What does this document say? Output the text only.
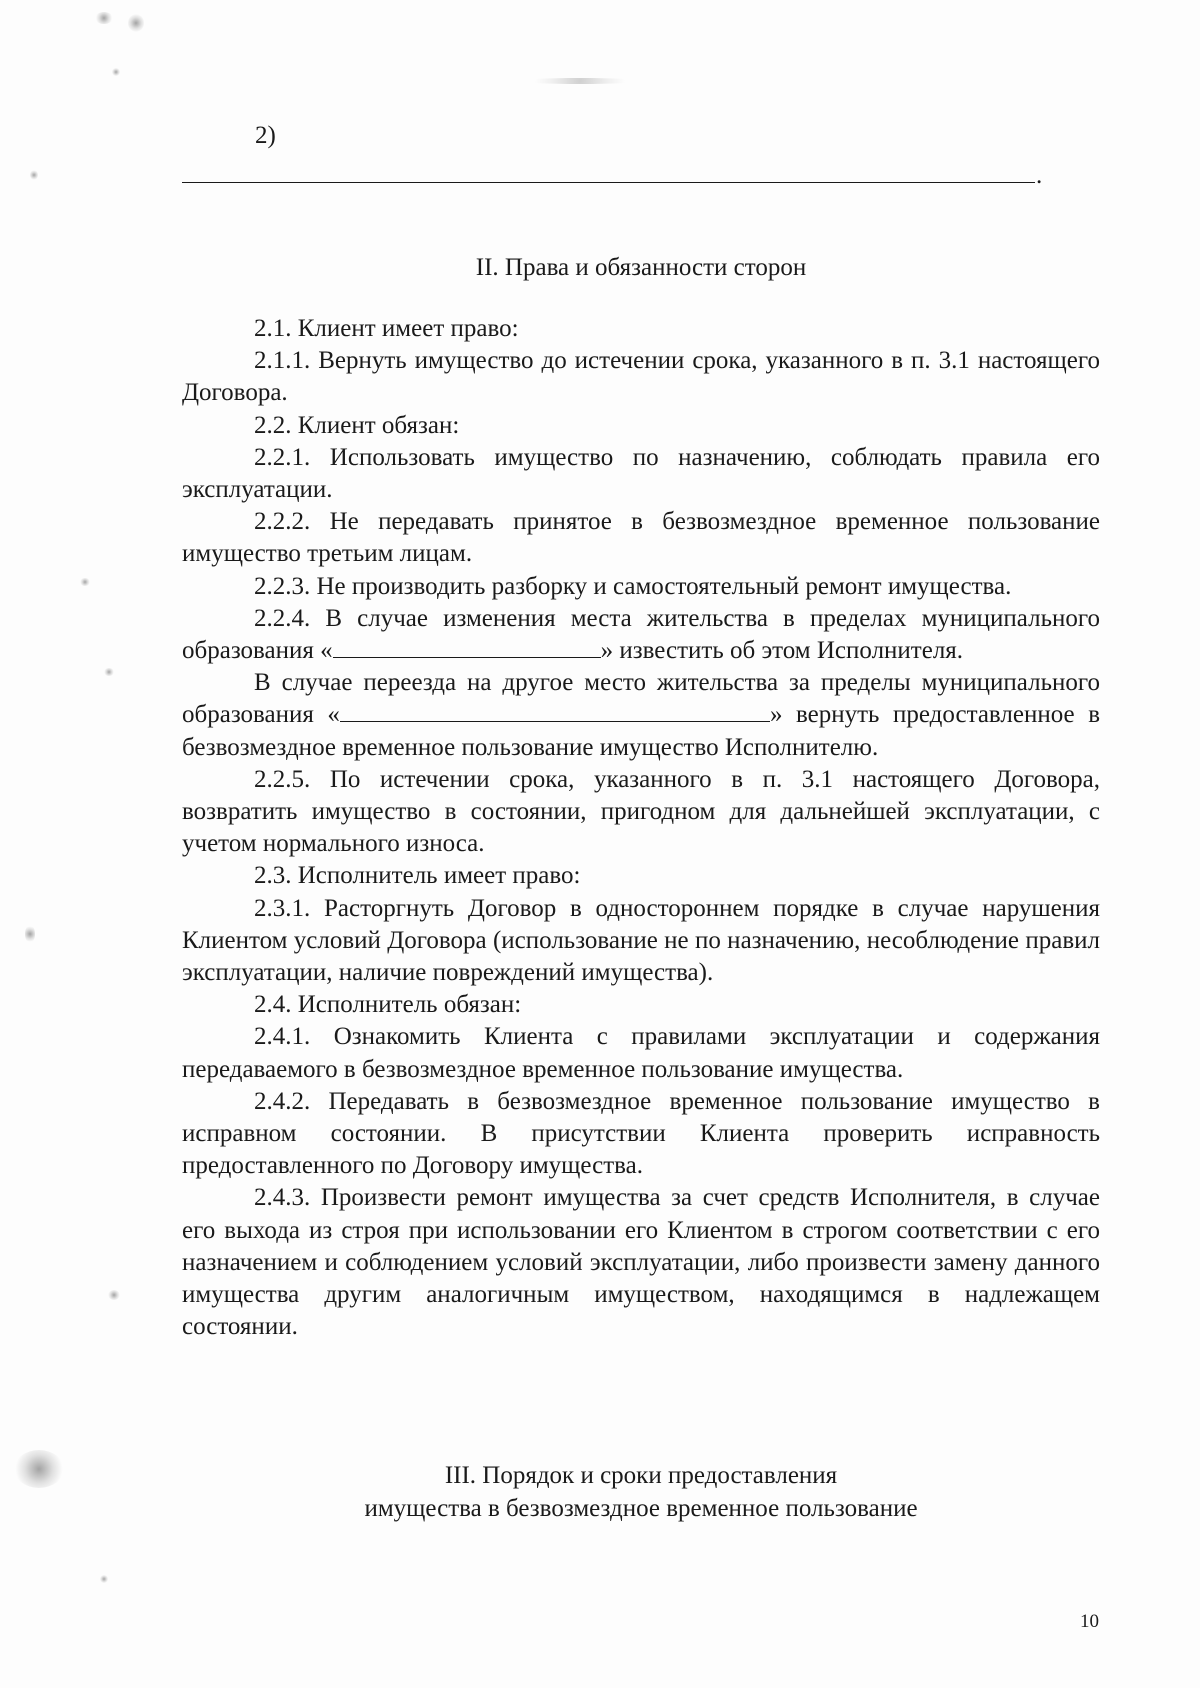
2)
.
II. Права и обязанности сторон

2.1. Клиент имеет право:

2.1.1. Вернуть имущество до истечении срока, указанного в п. 3.1 настоящего Договора.

2.2. Клиент обязан:

2.2.1. Использовать имущество по назначению, соблюдать правила его эксплуатации.

2.2.2. Не передавать принятое в безвозмездное временное пользование имущество третьим лицам.

2.2.3. Не производить разборку и самостоятельный ремонт имущества.

2.2.4. В случае изменения места жительства в пределах муниципального образования «	» известить об этом Исполнителя.

В случае переезда на другое место жительства за пределы муниципального образования «	» вернуть предоставленное в безвозмездное временное пользование имущество Исполнителю.

2.2.5. По истечении срока, указанного в п. 3.1 настоящего Договора, возвратить имущество в состоянии, пригодном для дальнейшей эксплуатации, с учетом нормального износа.

2.3. Исполнитель имеет право:

2.3.1. Расторгнуть Договор в одностороннем порядке в случае нарушения Клиентом условий Договора (использование не по назначению, несоблюдение правил эксплуатации, наличие повреждений имущества).

2.4. Исполнитель обязан:

2.4.1. Ознакомить Клиента с правилами эксплуатации и содержания передаваемого в безвозмездное временное пользование имущества.

2.4.2. Передавать в безвозмездное временное пользование имущество в исправном состоянии. В присутствии Клиента проверить исправность предоставленного по Договору имущества.

2.4.3. Произвести ремонт имущества за счет средств Исполнителя, в случае его выхода из строя при использовании его Клиентом в строгом соответствии с его назначением и соблюдением условий эксплуатации, либо произвести замену данного имущества другим аналогичным имуществом, находящимся в надлежащем состоянии.

III. Порядок и сроки предоставления
имущества в безвозмездное временное пользование
10
